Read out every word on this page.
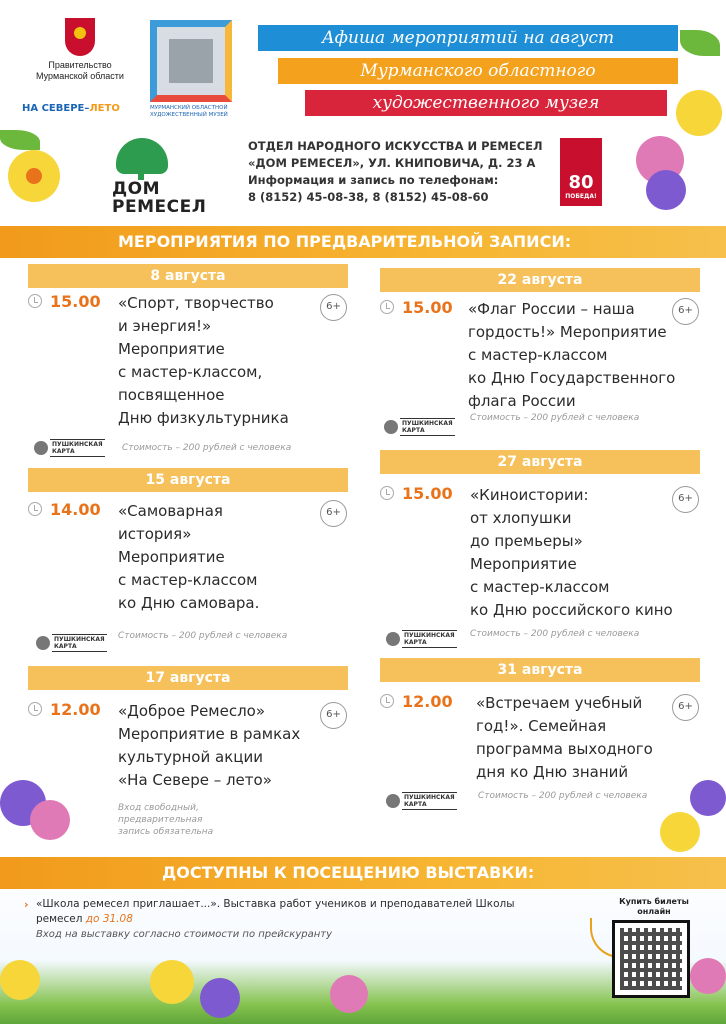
Правительство
Мурманской области
НА СЕВЕРЕ–ЛЕТО	МУРМАНСКИЙ ОБЛАСТНОЙ
ХУДОЖЕСТВЕННЫЙ МУЗЕЙ
Афиша мероприятий на август
Мурманского областного
художественного музея
ДОМ
РЕМЕСЕЛ
ОТДЕЛ НАРОДНОГО ИСКУССТВА И РЕМЕСЕЛ
«ДОМ РЕМЕСЕЛ», УЛ. КНИПОВИЧА, Д. 23 А
Информация и запись по телефонам:
8 (8152) 45-08-38, 8 (8152) 45-08-60
80
ПОБЕДА!
МЕРОПРИЯТИЯ ПО ПРЕДВАРИТЕЛЬНОЙ ЗАПИСИ:
8 августа
15.00 «Спорт, творчество
и энергия!»
Мероприятие
с мастер-классом,
посвященное
Дню физкультурника
6+
Стоимость – 200 рублей с человека
ПУШКИНСКАЯ
КАРТА
15 августа
14.00 «Самоварная
история»
Мероприятие
с мастер-классом
ко Дню самовара.
6+
Стоимость – 200 рублей с человека
ПУШКИНСКАЯ
КАРТА
17 августа
12.00 «Доброе Ремесло»
Мероприятие в рамках
культурной акции
«На Севере – лето»
6+
Вход свободный,
предварительная
запись обязательна
22 августа
15.00 «Флаг России – наша
гордость!» Мероприятие
с мастер-классом
ко Дню Государственного
флага России
6+
Стоимость – 200 рублей с человека
ПУШКИНСКАЯ
КАРТА
27 августа
15.00 «Киноистории:
от хлопушки
до премьеры»
Мероприятие
с мастер-классом
ко Дню российского кино
6+
Стоимость – 200 рублей с человека
ПУШКИНСКАЯ
КАРТА
31 августа
12.00 «Встречаем учебный
год!». Семейная
программа выходного
дня ко Дню знаний
6+
Стоимость – 200 рублей с человека
ПУШКИНСКАЯ
КАРТА
ДОСТУПНЫ К ПОСЕЩЕНИЮ ВЫСТАВКИ:
› «Школа ремесел приглашает...». Выставка работ учеников и преподавателей Школы ремесел до 31.08
Вход на выставку согласно стоимости по прейскуранту
Купить билеты
онлайн
